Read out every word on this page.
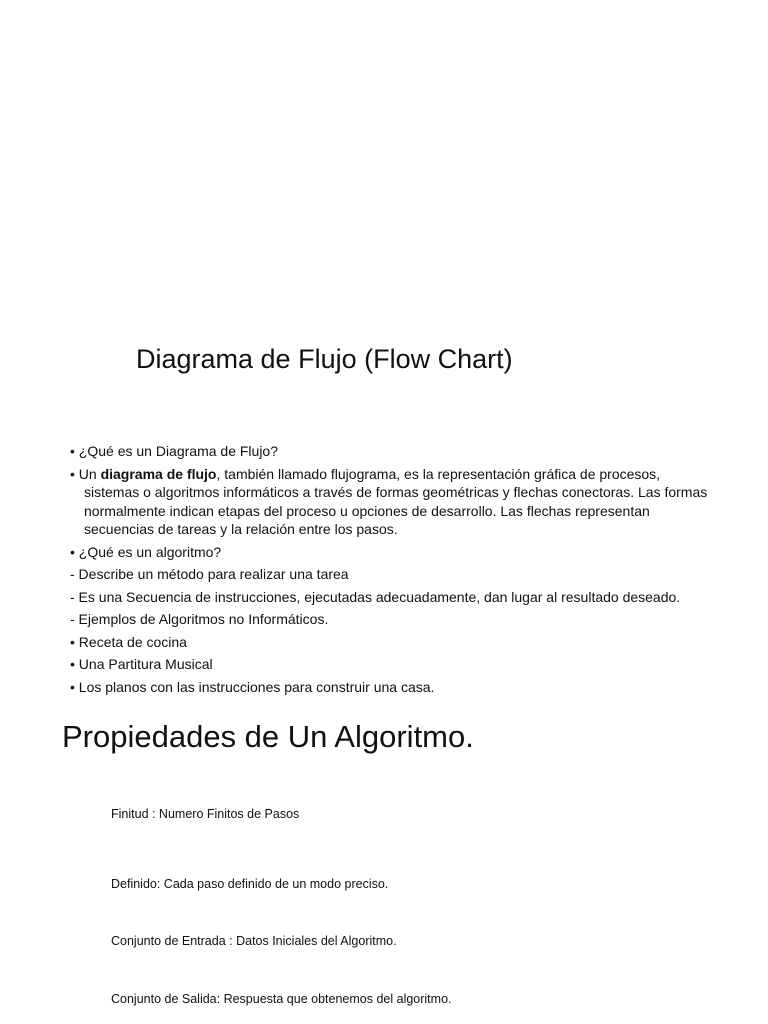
Diagrama de Flujo (Flow Chart)
• ¿Qué es un Diagrama de Flujo?
• Un diagrama de flujo, también llamado flujograma, es la representación gráfica de procesos, sistemas o algoritmos informáticos a través de formas geométricas y flechas conectoras. Las formas normalmente indican etapas del proceso u opciones de desarrollo. Las flechas representan secuencias de tareas y la relación entre los pasos.
• ¿Qué es un algoritmo?
- Describe un método para realizar una tarea
- Es una Secuencia de instrucciones, ejecutadas adecuadamente, dan lugar al resultado deseado.
- Ejemplos de Algoritmos no Informáticos.
• Receta de cocina
• Una Partitura Musical
• Los planos con las instrucciones para construir una casa.
Propiedades de Un Algoritmo.
Finitud : Numero Finitos de Pasos
Definido: Cada paso definido de un modo preciso.
Conjunto de Entrada : Datos Iniciales del Algoritmo.
Conjunto de Salida: Respuesta que obtenemos del algoritmo.
